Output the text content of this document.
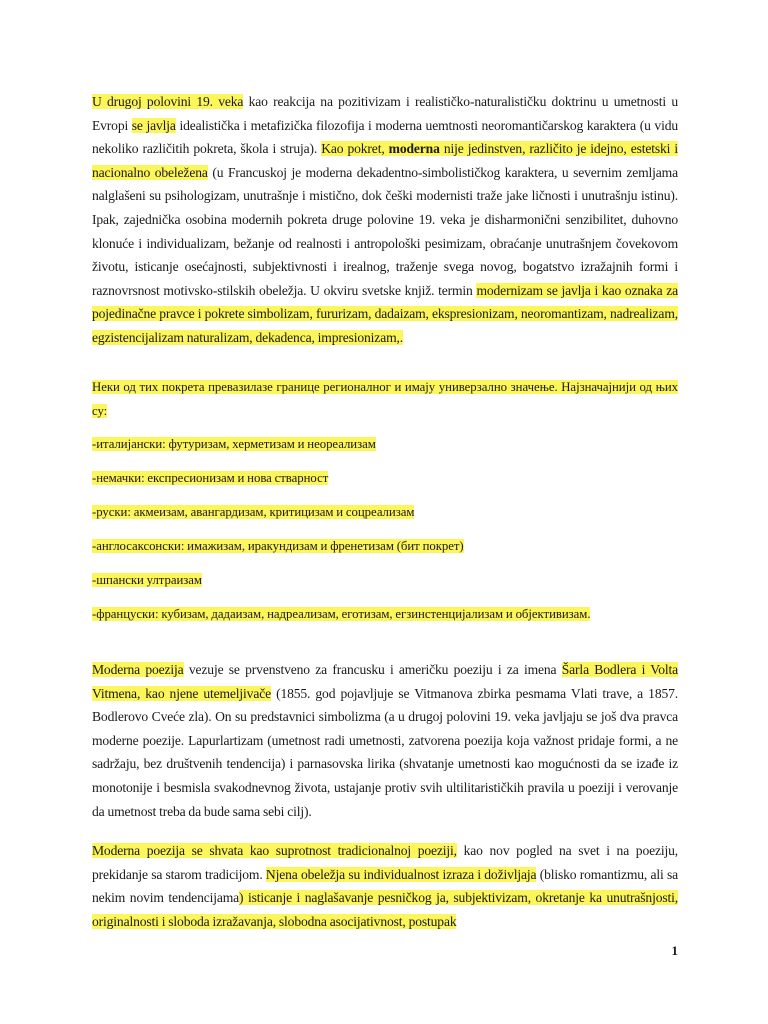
U drugoj polovini 19. veka kao reakcija na pozitivizam i realističko-naturalističku doktrinu u umetnosti u Evropi se javlja idealistička i metafizička filozofija i moderna uemtnosti neoromantičarskog karaktera (u vidu nekoliko različitih pokreta, škola i struja). Kao pokret, moderna nije jedinstven, različito je idejno, estetski i nacionalno obeležena (u Francuskoj je moderna dekadentno-simbolističkog karaktera, u severnim zemljama nalglašeni su psihologizam, unutrašnje i mistično, dok češki modernisti traže jake ličnosti i unutrašnju istinu). Ipak, zajednička osobina modernih pokreta druge polovine 19. veka je disharmonični senzibilitet, duhovno klonuće i individualizam, bežanje od realnosti i antropološki pesimizam, obraćanje unutrašnjem čovekovom životu, isticanje osećajnosti, subjektivnosti i irealnog, traženje svega novog, bogatstvo izražajnih formi i raznovrsnost motivsko-stilskih obeležja. U okviru svetske knjiž. termin modernizam se javlja i kao oznaka za pojedinačne pravce i pokrete simbolizam, fururizam, dadaizam, ekspresionizam, neoromantizam, nadrealizam, egzistencijalizam naturalizam, dekadenca, impresionizam,.

Неки од тих покрета превазилазе границе регионалног и имају универзално значење. Најзначајнији од њих су:

-италијански: футуризам, херметизам и неореализам

-немачки: експресионизам и нова стварност

-руски: акмеизам, авангардизам, критицизам и соцреализам

-англосаксонски: имажизам, иракундизам и френетизам (бит покрет)

-шпански ултраизам

-француски: кубизам, дадаизам, надреализам, еготизам, егзинстенцијализам и објективизам.

Moderna poezija vezuje se prvenstveno za francusku i američku poeziju i za imena Šarla Bodlera i Volta Vitmena, kao njene utemeljivače (1855. god pojavljuje se Vitmanova zbirka pesmama Vlati trave, a 1857. Bodlerovo Cveće zla). On su predstavnici simbolizma (a u drugoj polovini 19. veka javljaju se još dva pravca moderne poezije. Lapurlartizam (umetnost radi umetnosti, zatvorena poezija koja važnost pridaje formi, a ne sadržaju, bez društvenih tendencija) i parnasovska lirika (shvatanje umetnosti kao mogućnosti da se izađe iz monotonije i besmisla svakodnevnog života, ustajanje protiv svih ultilitarističkih pravila u poeziji i verovanje da umetnost treba da bude sama sebi cilj).

Moderna poezija se shvata kao suprotnost tradicionalnoj poeziji, kao nov pogled na svet i na poeziju, prekidanje sa starom tradicijom. Njena obeležja su individualnost izraza i doživljaja (blisko romantizmu, ali sa nekim novim tendencijama) isticanje i naglašavanje pesničkog ja, subjektivizam, okretanje ka unutrašnjosti, originalnosti i sloboda izražavanja, slobodna asocijativnost, postupak

1
